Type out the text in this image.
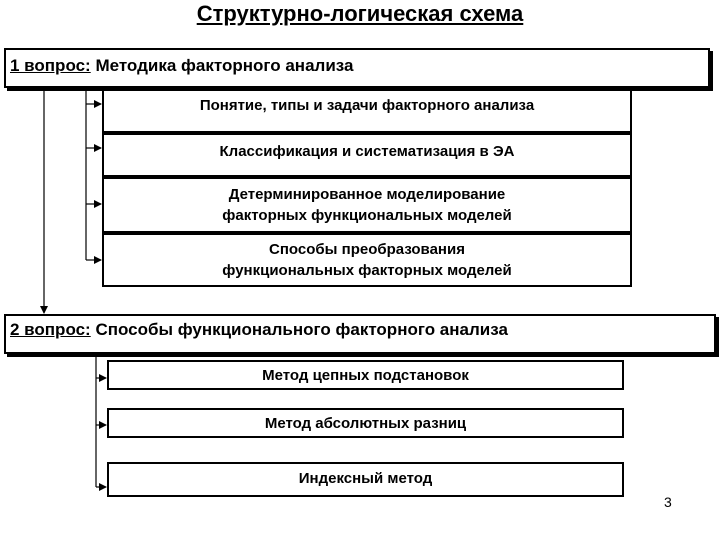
Структурно-логическая схема
1 вопрос: Методика факторного анализа
Понятие, типы и задачи факторного анализа
Классификация и систематизация в ЭА
Детерминированное моделирование
факторных функциональных моделей
Способы преобразования
функциональных факторных моделей
2 вопрос: Способы функционального факторного анализа
Метод цепных подстановок
Метод абсолютных разниц
Индексный метод
3
